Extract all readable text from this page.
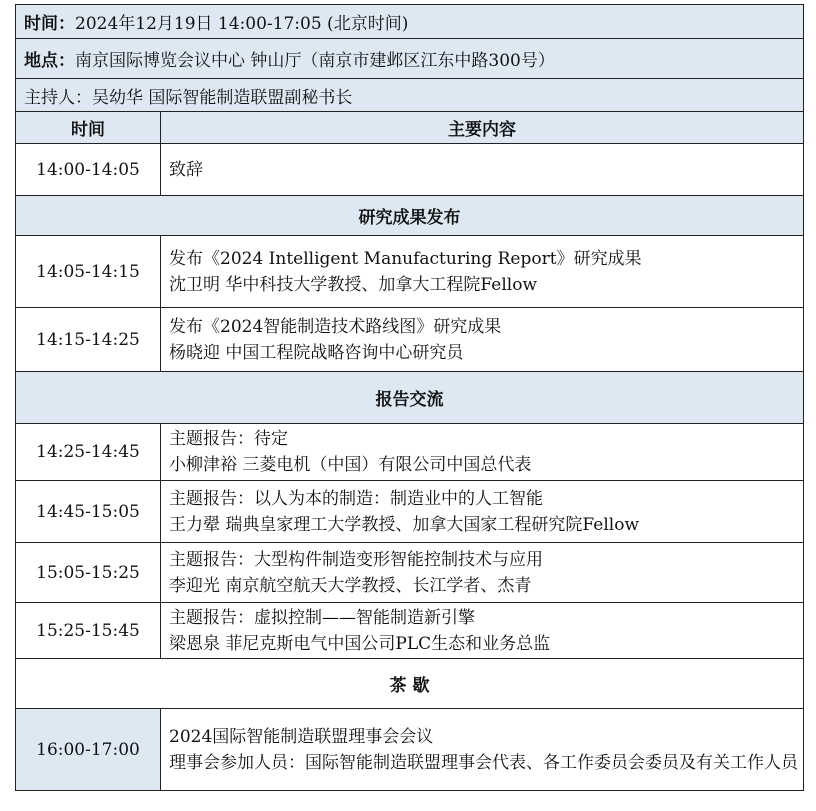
时间：2024年12月19日 14:00-17:05 (北京时间)	
地点：南京国际博览会议中心 钟山厅（南京市建邺区江东中路300号）	
主持人：吴幼华 国际智能制造联盟副秘书长	
时间	主要内容
14:00-14:05	致辞
研究成果发布	
14:05-14:15	发布《2024 Intelligent Manufacturing Report》研究成果
沈卫明 华中科技大学教授、加拿大工程院Fellow

14:15-14:25	发布《2024智能制造技术路线图》研究成果
杨晓迎 中国工程院战略咨询中心研究员

报告交流	
14:25-14:45	主题报告：待定
小柳津裕 三菱电机（中国）有限公司中国总代表

14:45-15:05	主题报告：以人为本的制造：制造业中的人工智能
王力翚 瑞典皇家理工大学教授、加拿大国家工程研究院Fellow

15:05-15:25	主题报告：大型构件制造变形智能控制技术与应用
李迎光 南京航空航天大学教授、长江学者、杰青

15:25-15:45	主题报告：虚拟控制——智能制造新引擎
梁恩泉 菲尼克斯电气中国公司PLC生态和业务总监

茶 歇	
16:00-17:00	2024国际智能制造联盟理事会会议
理事会参加人员：国际智能制造联盟理事会代表、各工作委员会委员及有关工作人员
